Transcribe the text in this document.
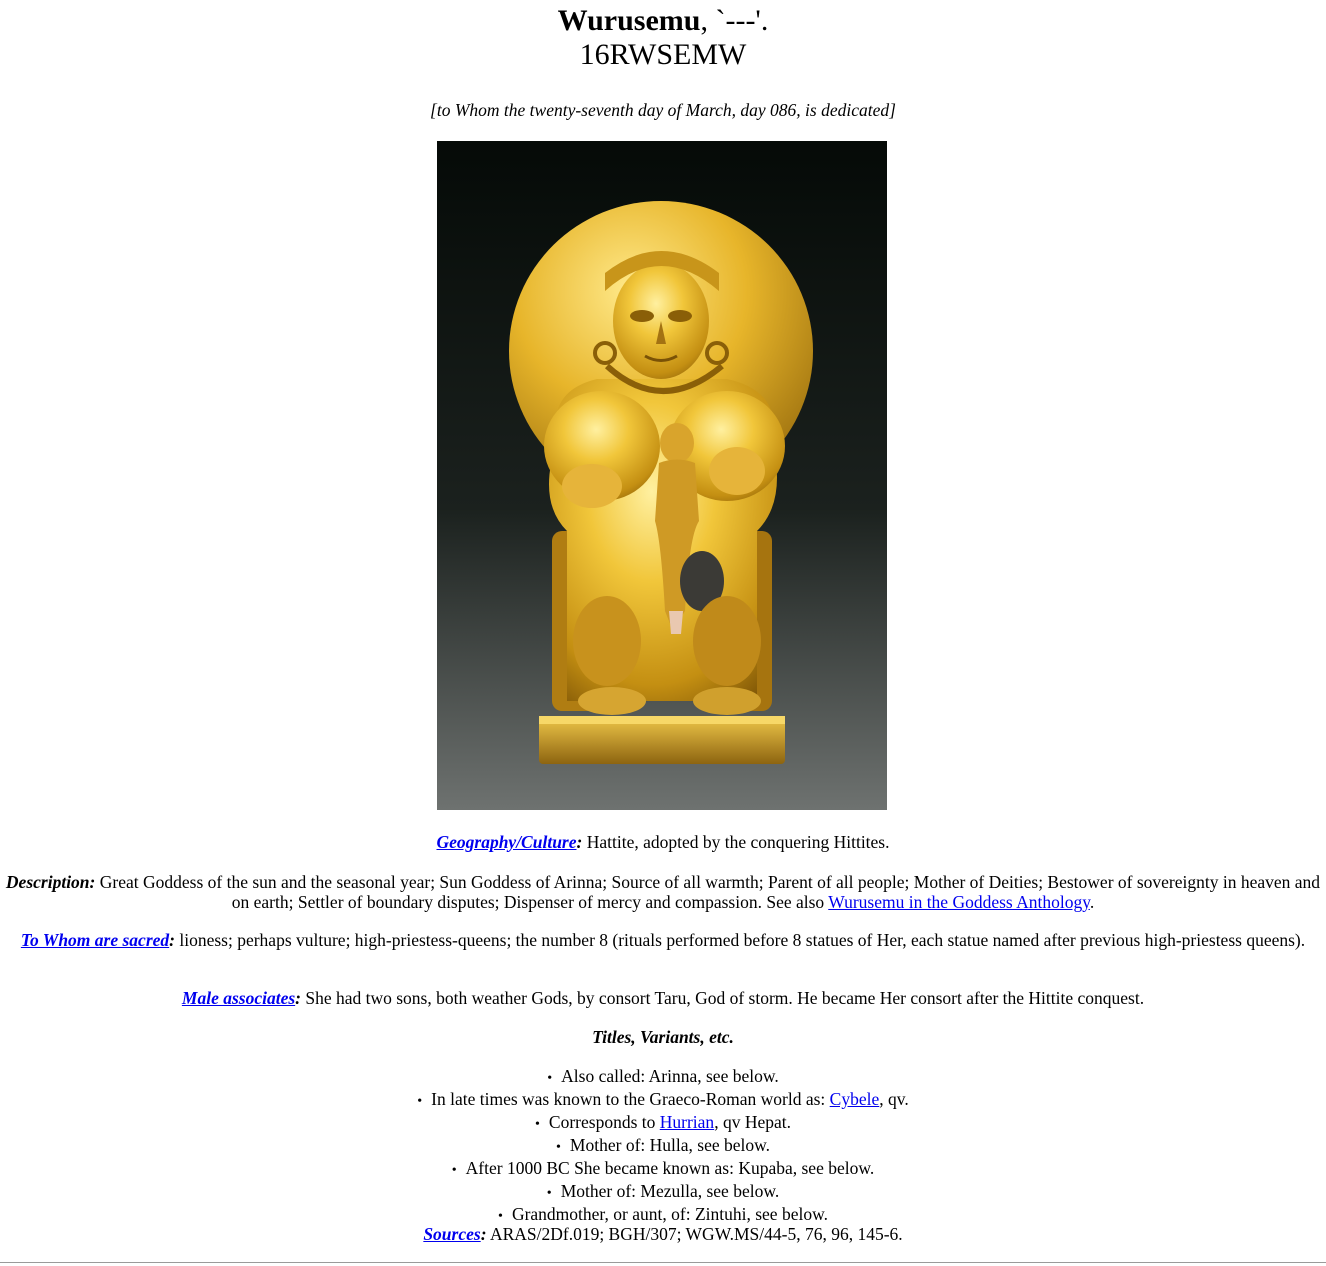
Wurusemu, `---'.
16RWSEMW
[to Whom the twenty-seventh day of March, day 086, is dedicated]
Geography/Culture: Hattite, adopted by the conquering Hittites.
Description: Great Goddess of the sun and the seasonal year; Sun Goddess of Arinna; Source of all warmth; Parent of all people; Mother of Deities; Bestower of sovereignty in heaven and on earth; Settler of boundary disputes; Dispenser of mercy and compassion. See also Wurusemu in the Goddess Anthology.
To Whom are sacred: lioness; perhaps vulture; high-priestess-queens; the number 8 (rituals performed before 8 statues of Her, each statue named after previous high-priestess queens).
Male associates: She had two sons, both weather Gods, by consort Taru, God of storm. He became Her consort after the Hittite conquest.
Titles, Variants, etc.
• Also called: Arinna, see below.
• In late times was known to the Graeco-Roman world as: Cybele, qv.
• Corresponds to Hurrian, qv Hepat.
• Mother of: Hulla, see below.
• After 1000 BC She became known as: Kupaba, see below.
• Mother of: Mezulla, see below.
• Grandmother, or aunt, of: Zintuhi, see below.
Sources: ARAS/2Df.019; BGH/307; WGW.MS/44-5, 76, 96, 145-6.
